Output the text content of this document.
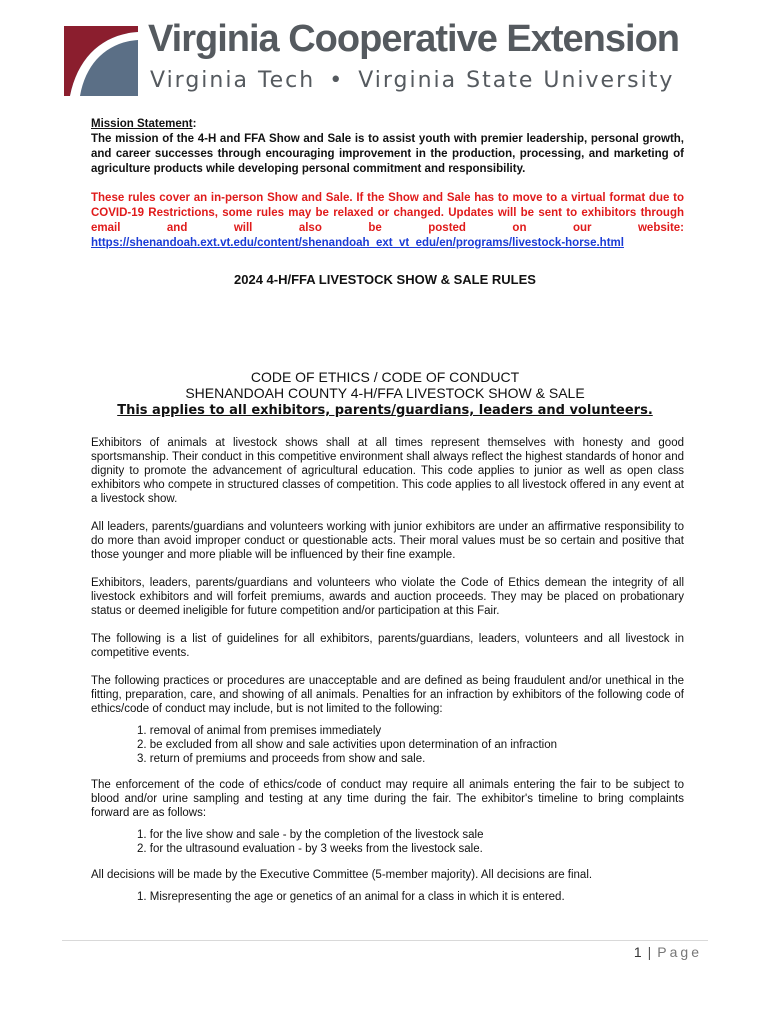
Virginia Cooperative Extension
Virginia Tech • Virginia State University
Mission Statement:

The mission of the 4-H and FFA Show and Sale is to assist youth with premier leadership, personal growth, and career successes through encouraging improvement in the production, processing, and marketing of agriculture products while developing personal commitment and responsibility.

These rules cover an in-person Show and Sale. If the Show and Sale has to move to a virtual format due to COVID-19 Restrictions, some rules may be relaxed or changed. Updates will be sent to exhibitors through email and will also be posted on our website: https://shenandoah.ext.vt.edu/content/shenandoah_ext_vt_edu/en/programs/livestock-horse.html
2024 4-H/FFA LIVESTOCK SHOW & SALE RULES
CODE OF ETHICS / CODE OF CONDUCT
SHENANDOAH COUNTY 4-H/FFA LIVESTOCK SHOW & SALE
This applies to all exhibitors, parents/guardians, leaders and volunteers.

Exhibitors of animals at livestock shows shall at all times represent themselves with honesty and good sportsmanship. Their conduct in this competitive environment shall always reflect the highest standards of honor and dignity to promote the advancement of agricultural education. This code applies to junior as well as open class exhibitors who compete in structured classes of competition. This code applies to all livestock offered in any event at a livestock show.

All leaders, parents/guardians and volunteers working with junior exhibitors are under an affirmative responsibility to do more than avoid improper conduct or questionable acts. Their moral values must be so certain and positive that those younger and more pliable will be influenced by their fine example.

Exhibitors, leaders, parents/guardians and volunteers who violate the Code of Ethics demean the integrity of all livestock exhibitors and will forfeit premiums, awards and auction proceeds. They may be placed on probationary status or deemed ineligible for future competition and/or participation at this Fair.

The following is a list of guidelines for all exhibitors, parents/guardians, leaders, volunteers and all livestock in competitive events.

The following practices or procedures are unacceptable and are defined as being fraudulent and/or unethical in the fitting, preparation, care, and showing of all animals. Penalties for an infraction by exhibitors of the following code of ethics/code of conduct may include, but is not limited to the following:

1. removal of animal from premises immediately
2. be excluded from all show and sale activities upon determination of an infraction
3. return of premiums and proceeds from show and sale.

The enforcement of the code of ethics/code of conduct may require all animals entering the fair to be subject to blood and/or urine sampling and testing at any time during the fair. The exhibitor's timeline to bring complaints forward are as follows:

1. for the live show and sale - by the completion of the livestock sale
2. for the ultrasound evaluation - by 3 weeks from the livestock sale.

All decisions will be made by the Executive Committee (5-member majority). All decisions are final.

1. Misrepresenting the age or genetics of an animal for a class in which it is entered.
1 | Page
